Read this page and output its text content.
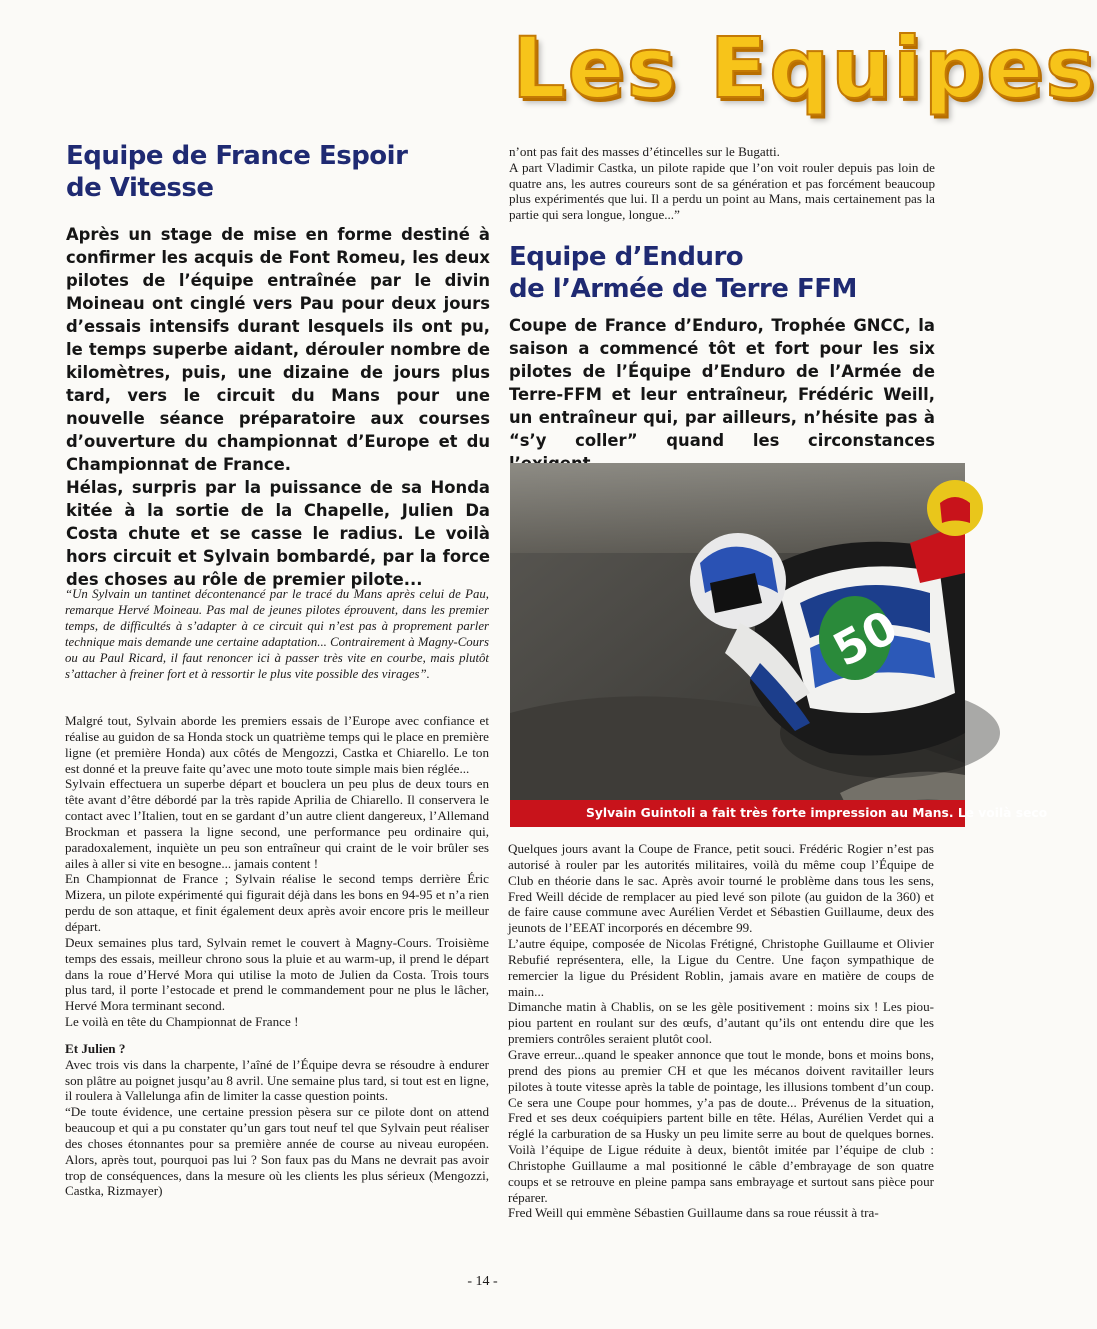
Les Equipes
Equipe de France Espoir
de Vitesse

Après un stage de mise en forme destiné à confirmer les acquis de Font Romeu, les deux pilotes de l’équipe entraînée par le divin Moineau ont cinglé vers Pau pour deux jours d’essais intensifs durant lesquels ils ont pu, le temps superbe aidant, dérouler nombre de kilomètres, puis, une dizaine de jours plus tard, vers le circuit du Mans pour une nouvelle séance préparatoire aux courses d’ouverture du championnat d’Europe et du Championnat de France.

Hélas, surpris par la puissance de sa Honda kitée à la sortie de la Chapelle, Julien Da Costa chute et se casse le radius. Le voilà hors circuit et Sylvain bombardé, par la force des choses au rôle de premier pilote...

“Un Sylvain un tantinet décontenancé par le tracé du Mans après celui de Pau, remarque Hervé Moineau. Pas mal de jeunes pilotes éprouvent, dans les premier temps, de difficultés à s’adapter à ce circuit qui n’est pas à proprement parler technique mais demande une certaine adaptation... Contrairement à Magny-Cours ou au Paul Ricard, il faut renoncer ici à passer très vite en courbe, mais plutôt s’attacher à freiner fort et à ressortir le plus vite possible des virages”.

Malgré tout, Sylvain aborde les premiers essais de l’Europe avec confiance et réalise au guidon de sa Honda stock un quatrième temps qui le place en première ligne (et première Honda) aux côtés de Mengozzi, Castka et Chiarello. Le ton est donné et la preuve faite qu’avec une moto toute simple mais bien réglée...

Sylvain effectuera un superbe départ et bouclera un peu plus de deux tours en tête avant d’être débordé par la très rapide Aprilia de Chiarello. Il conservera le contact avec l’Italien, tout en se gardant d’un autre client dangereux, l’Allemand Brockman et passera la ligne second, une performance peu ordinaire qui, paradoxalement, inquiète un peu son entraîneur qui craint de le voir brûler ses ailes à aller si vite en besogne... jamais content !

En Championnat de France ; Sylvain réalise le second temps derrière Éric Mizera, un pilote expérimenté qui figurait déjà dans les bons en 94-95 et n’a rien perdu de son attaque, et finit également deux après avoir encore pris le meilleur départ.

Deux semaines plus tard, Sylvain remet le couvert à Magny-Cours. Troisième temps des essais, meilleur chrono sous la pluie et au warm-up, il prend le départ dans la roue d’Hervé Mora qui utilise la moto de Julien da Costa. Trois tours plus tard, il porte l’estocade et prend le commandement pour ne plus le lâcher, Hervé Mora terminant second.

Le voilà en tête du Championnat de France !

Et Julien ?

Avec trois vis dans la charpente, l’aîné de l’Équipe devra se résoudre à endurer son plâtre au poignet jusqu’au 8 avril. Une semaine plus tard, si tout est en ligne, il roulera à Vallelunga afin de limiter la casse question points.

“De toute évidence, une certaine pression pèsera sur ce pilote dont on attend beaucoup et qui a pu constater qu’un gars tout neuf tel que Sylvain peut réaliser des choses étonnantes pour sa première année de course au niveau européen. Alors, après tout, pourquoi pas lui ? Son faux pas du Mans ne devrait pas avoir trop de conséquences, dans la mesure où les clients les plus sérieux (Mengozzi, Castka, Rizmayer)

n’ont pas fait des masses d’étincelles sur le Bugatti.

A part Vladimir Castka, un pilote rapide que l’on voit rouler depuis pas loin de quatre ans, les autres coureurs sont de sa génération et pas forcément beaucoup plus expérimentés que lui. Il a perdu un point au Mans, mais certainement pas la partie qui sera longue, longue...”

Equipe d’Enduro
de l’Armée de Terre FFM

Coupe de France d’Enduro, Trophée GNCC, la saison a commencé tôt et fort pour les six pilotes de l’Équipe d’Enduro de l’Armée de Terre-FFM et leur entraîneur, Frédéric Weill, un entraîneur qui, par ailleurs, n’hésite pas à “s’y coller” quand les circonstances

50
Sylvain Guintoli a fait très forte impression au Mans. Le voilà seco

Quelques jours avant la Coupe de France, petit souci. Frédéric Rogier n’est pas autorisé à rouler par les autorités militaires, voilà du même coup l’Équipe de Club en théorie dans le sac. Après avoir tourné le problème dans tous les sens, Fred Weill décide de remplacer au pied levé son pilote (au guidon de la 360) et de faire cause commune avec Aurélien Verdet et Sébastien Guillaume, deux des jeunots de l’EEAT incorporés en décembre 99.

L’autre équipe, composée de Nicolas Frétigné, Christophe Guillaume et Olivier Rebufié représentera, elle, la Ligue du Centre. Une façon sympathique de remercier la ligue du Président Roblin, jamais avare en matière de coups de main...

Dimanche matin à Chablis, on se les gèle positivement : moins six ! Les piou-piou partent en roulant sur des œufs, d’autant qu’ils ont entendu dire que les premiers contrôles seraient plutôt cool.

Grave erreur...quand le speaker annonce que tout le monde, bons et moins bons, prend des pions au premier CH et que les mécanos doivent ravitailler leurs pilotes à toute vitesse après la table de pointage, les illusions tombent d’un coup. Ce sera une Coupe pour hommes, y’a pas de doute... Prévenus de la situation, Fred et ses deux coéquipiers partent bille en tête. Hélas, Aurélien Verdet qui a réglé la carburation de sa Husky un peu limite serre au bout de quelques bornes. Voilà l’équipe de Ligue réduite à deux, bientôt imitée par l’équipe de club : Christophe Guillaume a mal positionné le câble d’embrayage de son quatre coups et se retrouve en pleine pampa sans embrayage et surtout sans pièce pour réparer.

Fred Weill qui emmène Sébastien Guillaume dans sa roue réussit à tra-

- 14 -
